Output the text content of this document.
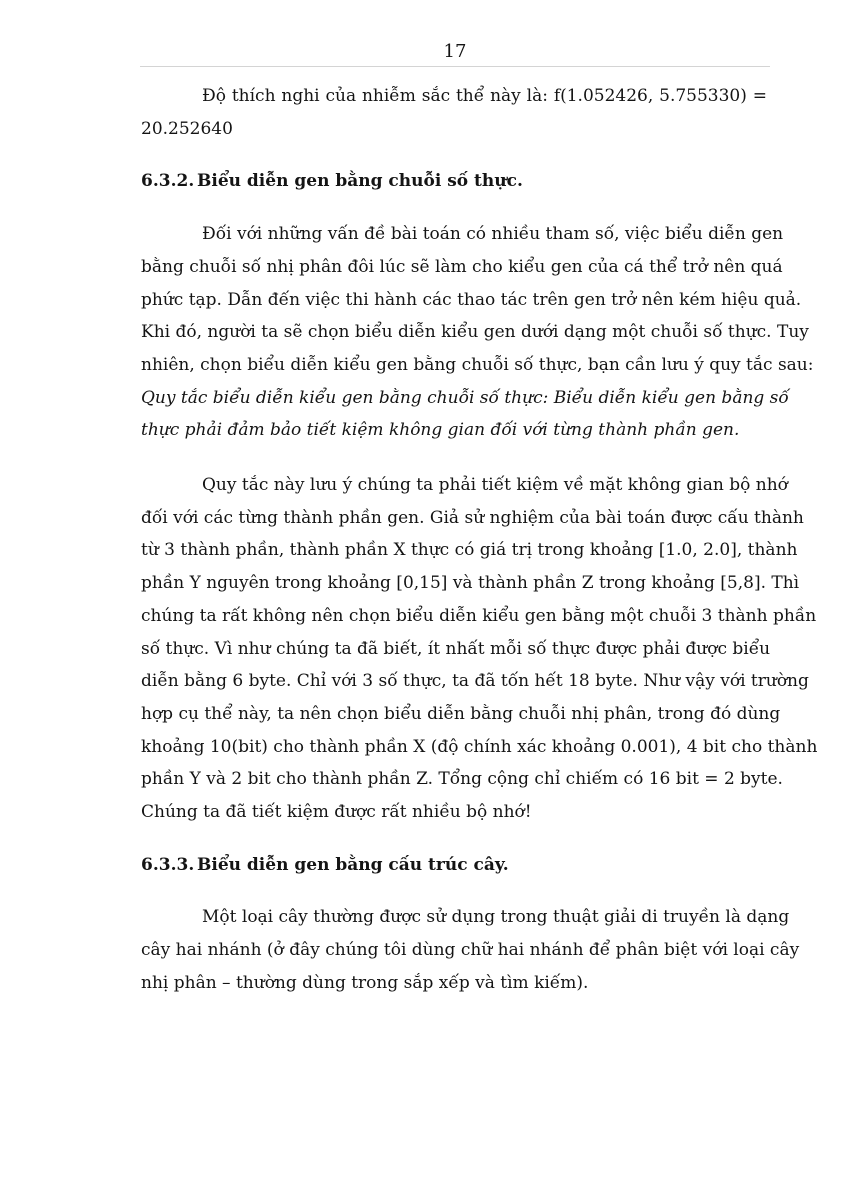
17
Độ thích nghi của nhiễm sắc thể này là: f(1.052426, 5.755330) =
20.252640
6.3.2. Biểu diễn gen bằng chuỗi số thực.
Đối với những vấn đề bài toán có nhiều tham số, việc biểu diễn gen
bằng chuỗi số nhị phân đôi lúc sẽ làm cho kiểu gen của cá thể trở nên quá
phức tạp. Dẫn đến việc thi hành các thao tác trên gen trở nên kém hiệu quả.
Khi đó, người ta sẽ chọn biểu diễn kiểu gen dưới dạng một chuỗi số thực. Tuy
nhiên, chọn biểu diễn kiểu gen bằng chuỗi số thực, bạn cần lưu ý quy tắc sau:
Quy tắc biểu diễn kiểu gen bằng chuỗi số thực: Biểu diễn kiểu gen bằng số
thực phải đảm bảo tiết kiệm không gian đối với từng thành phần gen.
Quy tắc này lưu ý chúng ta phải tiết kiệm về mặt không gian bộ nhớ
đối với các từng thành phần gen. Giả sử nghiệm của bài toán được cấu thành
từ 3 thành phần, thành phần X thực có giá trị trong khoảng [1.0, 2.0], thành
phần Y nguyên trong khoảng [0,15] và thành phần Z trong khoảng [5,8]. Thì
chúng ta rất không nên chọn biểu diễn kiểu gen bằng một chuỗi 3 thành phần
số thực. Vì như chúng ta đã biết, ít nhất mỗi số thực được phải được biểu
diễn bằng 6 byte. Chỉ với 3 số thực, ta đã tốn hết 18 byte. Như vậy với trường
hợp cụ thể này, ta nên chọn biểu diễn bằng chuỗi nhị phân, trong đó dùng
khoảng 10(bit) cho thành phần X (độ chính xác khoảng 0.001), 4 bit cho thành
phần Y và 2 bit cho thành phần Z. Tổng cộng chỉ chiếm có 16 bit = 2 byte.
Chúng ta đã tiết kiệm được rất nhiều bộ nhớ!
6.3.3. Biểu diễn gen bằng cấu trúc cây.
Một loại cây thường được sử dụng trong thuật giải di truyền là dạng
cây hai nhánh (ở đây chúng tôi dùng chữ hai nhánh để phân biệt với loại cây
nhị phân – thường dùng trong sắp xếp và tìm kiếm).
